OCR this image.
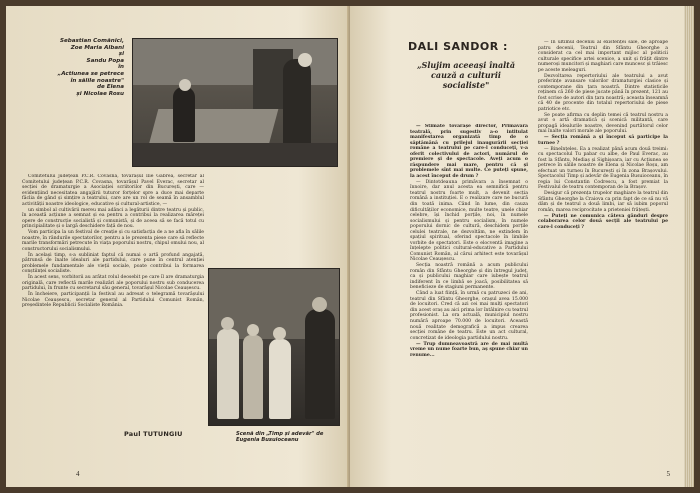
Sebastian Comănici,
Zoe Maria Albani
și
Sandu Popa
în
„Actiunea se petrece
în sălile noastre"
de Elena
și Nicolae Rosu

Comitetului județean P.C.R. Covasna, tovarășul Ilie Gabrea, secretar al Comitetului județean P.C.R. Covasna, tovarășul Pavel Everac, secretar al secției de dramaturgie a Asociației scriitorilor din București, care — evidențiind necesitatea angajării tuturor forțelor spre a duce mai departe făclia de gând și simțire a teatrului, care are un rol de seamă în ansamblul activității noastre ideologice, educative și cultural-artistice, —

un simbol al cultivării mereu mai adânci a legăturii dintre teatru și public, în această acțiune a semnat și ea pentru a contribui la realizarea măreței opere de construcție socialistă și comunistă, și de aceea să se facă totul cu principialitate și o largă deschidere față de nou.

Vom participa la un festival de creație și cu satisfacția de a ne afla în sălile noastre, în rândurile spectatorilor, pentru a le prezenta piese care să reflecte marile transformări petrecute în viața poporului nostru, chipul omului nou, al constructorului socialismului.

În același timp, s-a subliniat faptul că numai o artă profund angajată, pătrunsă de înalte idealuri ale partidului, care pune în centrul atenției problemele fundamentale ale vieții sociale, poate contribui la formarea conștiinței socialiste.

În acest sens, vorbitorii au arătat rolul deosebit pe care îl are dramaturgia originală, care reflectă marile realizări ale poporului nostru sub conducerea partidului, în frunte cu secretarul său general, tovarășul Nicolae Ceaușescu.

În încheiere, participanții la festival au adresat o telegramă tovarășului Nicolae Ceaușescu, secretar general al Partidului Comunist Român, președintele Republicii Socialiste România.

Scenă din „Timp și adevăr" de
Eugenia Busuioceanu
Paul TUTUNGIU
4
DALI SANDOR :
„Slujim aceeași înaltă cauză a culturii socialiste"

— Stimate tovarășe director, Primăvara teatrală, prin sugestiv a-o intitulat manifestarea organizată timp de o săptămână cu prilejul inaugurării secției române a teatrului pe care-l conduceți, v-a oferit colectivului de actori, numărul de premiere și de spectacole. Aveți acum o răspundere mai mare, pentru că și problemele sînt mai multe. Ce puteți spune, la acest început de drum ?

— Dintotdeauna primăvara a însemnat o înnoire, dar anul acesta ea semnifică pentru teatrul nostru foarte mult, a devenit secția română a instituției. E o realizare care ne bucură din toată inima. Când în lume, din cauza dificultăților economice, multe teatre, unele chiar celebre, își închid porțile, noi, în numele socialismului și pentru socialism, în numele poporului dornic de cultură, deschidem porțile celulei teatrale, ne dezvoltăm, ne extindem în spațiul spiritual, oferind spectacole în limbile vorbite de spectatori. Este o elocventă imagine a înțelepte politici cultural-educative a Partidului Comunist Român, al cărui arhitect este tovarășul Nicolae Ceaușescu.

Secția noastră română a acum publicului român din Sfântu Gheorghe și din întregul județ, ca și publicului maghiar care iubește teatrul indiferent în ce limbă se joacă, posibilitatea să beneficieze de stagiuni permanente.

Când a luat ființă, în urmă cu patruzeci de ani, teatrul din Sfântu Gheorghe, orașul avea 15.000 de locuitori. Cred că azi cei mai mulți spectatori din acest oraș au aici prima lor întâlnire cu teatrul profesionist. La ora actuală, municipiul nostru numără aproape 70.000 de locuitori. Această nouă realitate demografică a impus crearea secției române de teatru. Este un act cultural, concretizat de ideologia partidului nostru.

— Trup dumneavoastră are de mai multă vreme un nume foarte bun, aș spune chiar un renume...

— În ultimul deceniu al existenței sale, de aproape patru decenii, Teatrul din Sfântu Gheorghe a considerat ca cel mai important mijloc al politicii culturale specifice artei scenice, a unit și frățit dintre numeroși muncitori și maghiari care muncesc și trăiesc pe aceste meleaguri.

Dezvoltarea repertoriului ale teatrului a avut preferințe avansare valorilor dramaturgiei clasice și contemporane din țara noastră. Dintre statisticile reținem că 260 de piese jucate până în prezent, 121 au fost scrise de autori din țara noastră; aceasta înseamnă că 40 de procente din totalul repertoriului de piese patriotice etc.

Se poate afirma cu deplin temei că teatrul nostru a avut o artă dramatică și scenică militantă, care propagă idealurile noastre, devenind purtătorul celor mai înalte valori morale ale poporului.

— Secția română a și început să participe la turnee ?

— Bineînțeles. Ea a realizat până acum două treimi: cu spectacolul Tu pabar cu albe, de Paul Everac, au fost la Sfântu, Mediaș și Sighișoara, iar cu Acțiunea se petrece în sălile noastre de Elena și Nicolae Roșu, am efectuat un turneu în București și în zona Brașovului. Spectacolul Timp și adevăr de Eugenia Busuioceanu, în regia lui Constantin Codrescu, a fost premiat la Festivalul de teatru contemporan de la Brașov.

Desigur că prezența trupelor maghiare la teatrul din Sfântu Gheorghe la Craiova ca prin fapt de ce să nu vă dăm și de teatrul a două limbi, iar să iubim poporul român, marea reciprocitate a prieteniei frățești.

— Puteți ne comunica câteva gânduri despre colaborarea celor două secții ale teatrului pe care-l conduceți ?

5
